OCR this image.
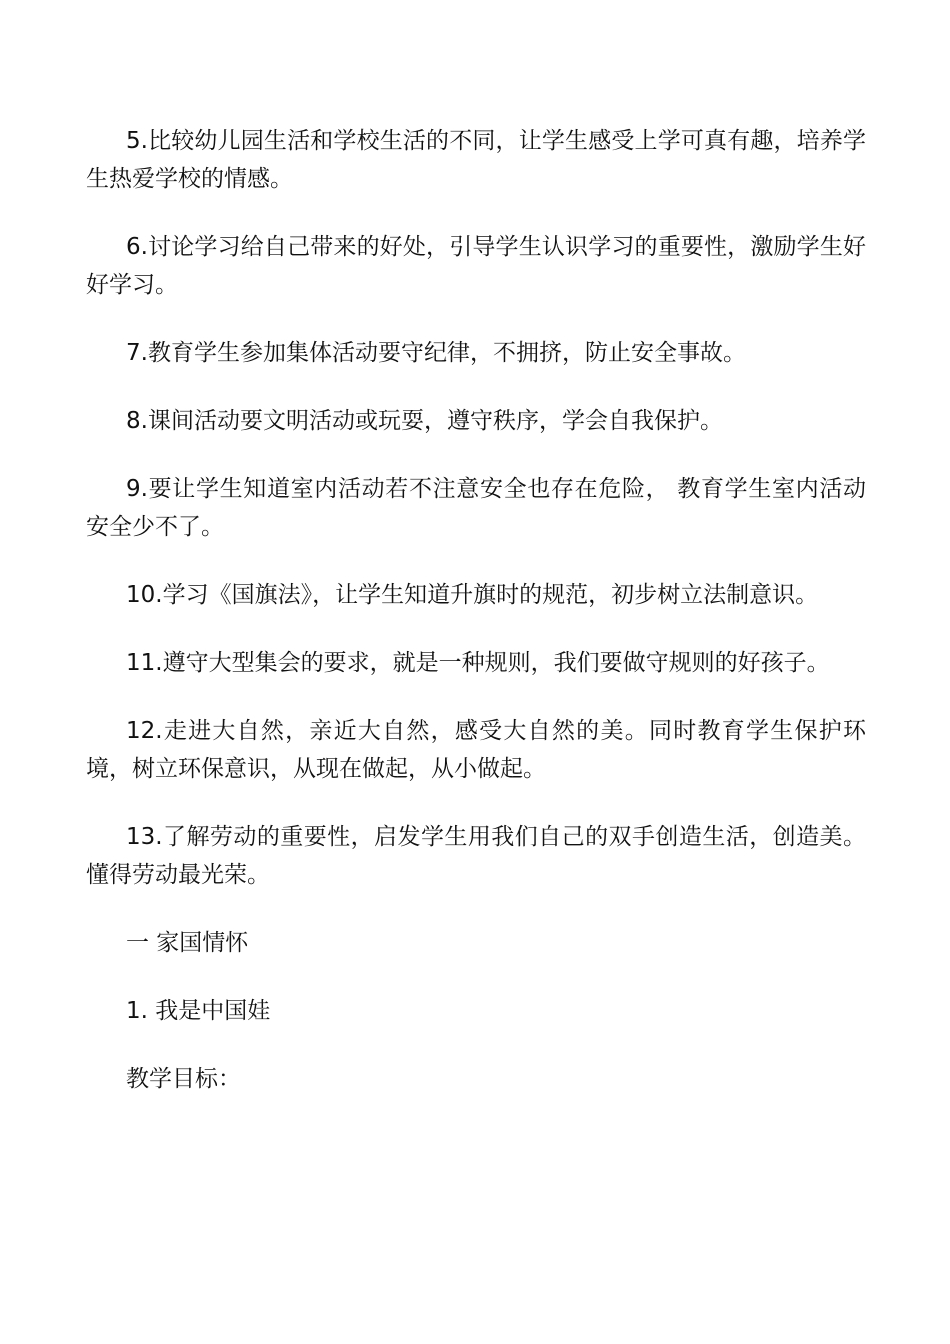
5.比较幼儿园生活和学校生活的不同，让学生感受上学可真有趣，培养学生热爱学校的情感。

6.讨论学习给自己带来的好处，引导学生认识学习的重要性，激励学生好好学习。

7.教育学生参加集体活动要守纪律，不拥挤，防止安全事故。

8.课间活动要文明活动或玩耍，遵守秩序，学会自我保护。

9.要让学生知道室内活动若不注意安全也存在危险， 教育学生室内活动安全少不了。

10.学习《国旗法》，让学生知道升旗时的规范，初步树立法制意识。

11.遵守大型集会的要求，就是一种规则，我们要做守规则的好孩子。

12.走进大自然，亲近大自然，感受大自然的美。同时教育学生保护环境，树立环保意识，从现在做起，从小做起。

13.了解劳动的重要性，启发学生用我们自己的双手创造生活，创造美。懂得劳动最光荣。

一 家国情怀

1. 我是中国娃

教学目标：
